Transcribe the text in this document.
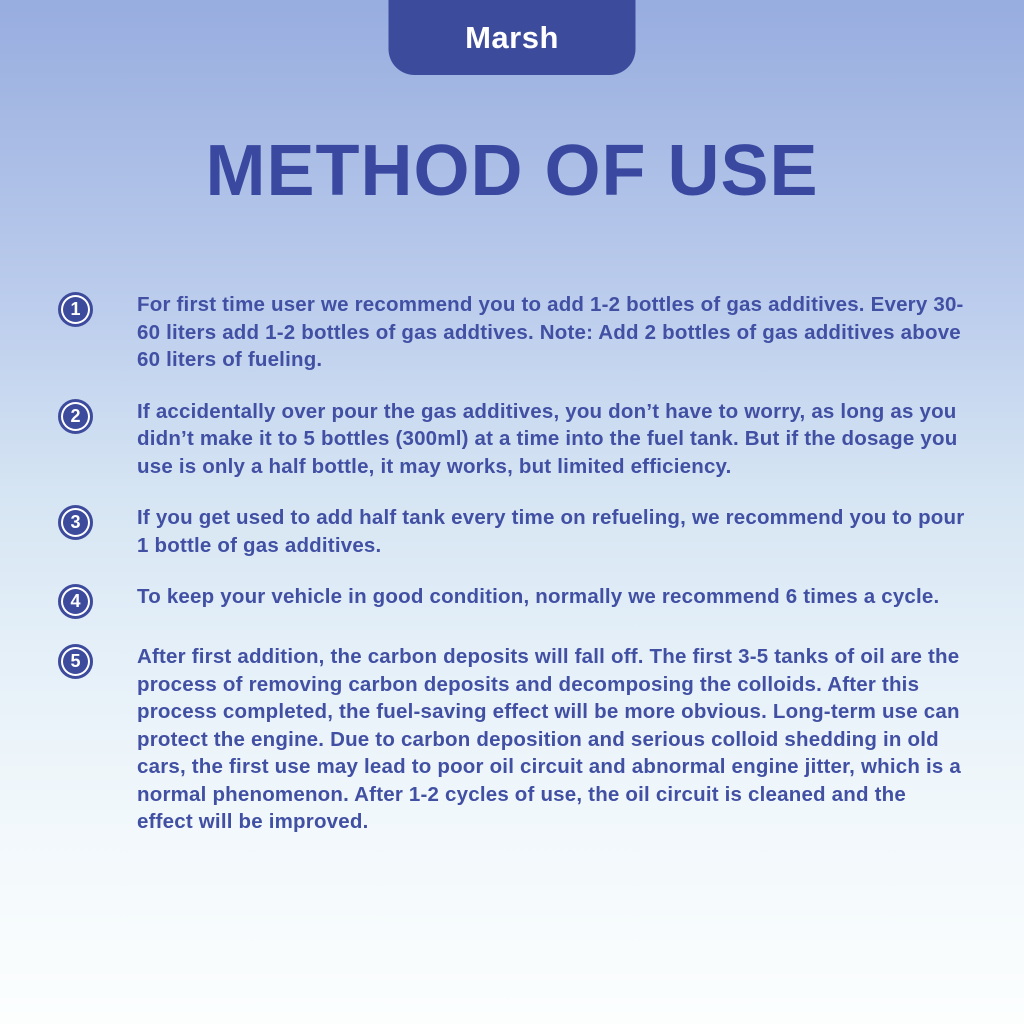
Marsh
METHOD OF USE
1	For first time user we recommend you to add 1-2 bottles of gas additives. Every 30-60 liters add 1-2 bottles of gas addtives. Note: Add 2 bottles of gas additives above 60 liters of fueling.

2	If accidentally over pour the gas additives, you don’t have to worry, as long as you didn’t make it to 5 bottles (300ml) at a time into the fuel tank. But if the dosage you use is only a half bottle, it may works, but limited efficiency.

3	If you get used to add half tank every time on refueling, we recommend you to pour 1 bottle of gas additives.

4	To keep your vehicle in good condition, normally we recommend 6 times a cycle.

5	After first addition, the carbon deposits will fall off. The first 3-5 tanks of oil are the process of removing carbon deposits and decomposing the colloids. After this process completed, the fuel-saving effect will be more obvious. Long-term use can protect the engine. Due to carbon deposition and serious colloid shedding in old cars, the first use may lead to poor oil circuit and abnormal engine jitter, which is a normal phenomenon. After 1-2 cycles of use, the oil circuit is cleaned and the effect will be improved.
